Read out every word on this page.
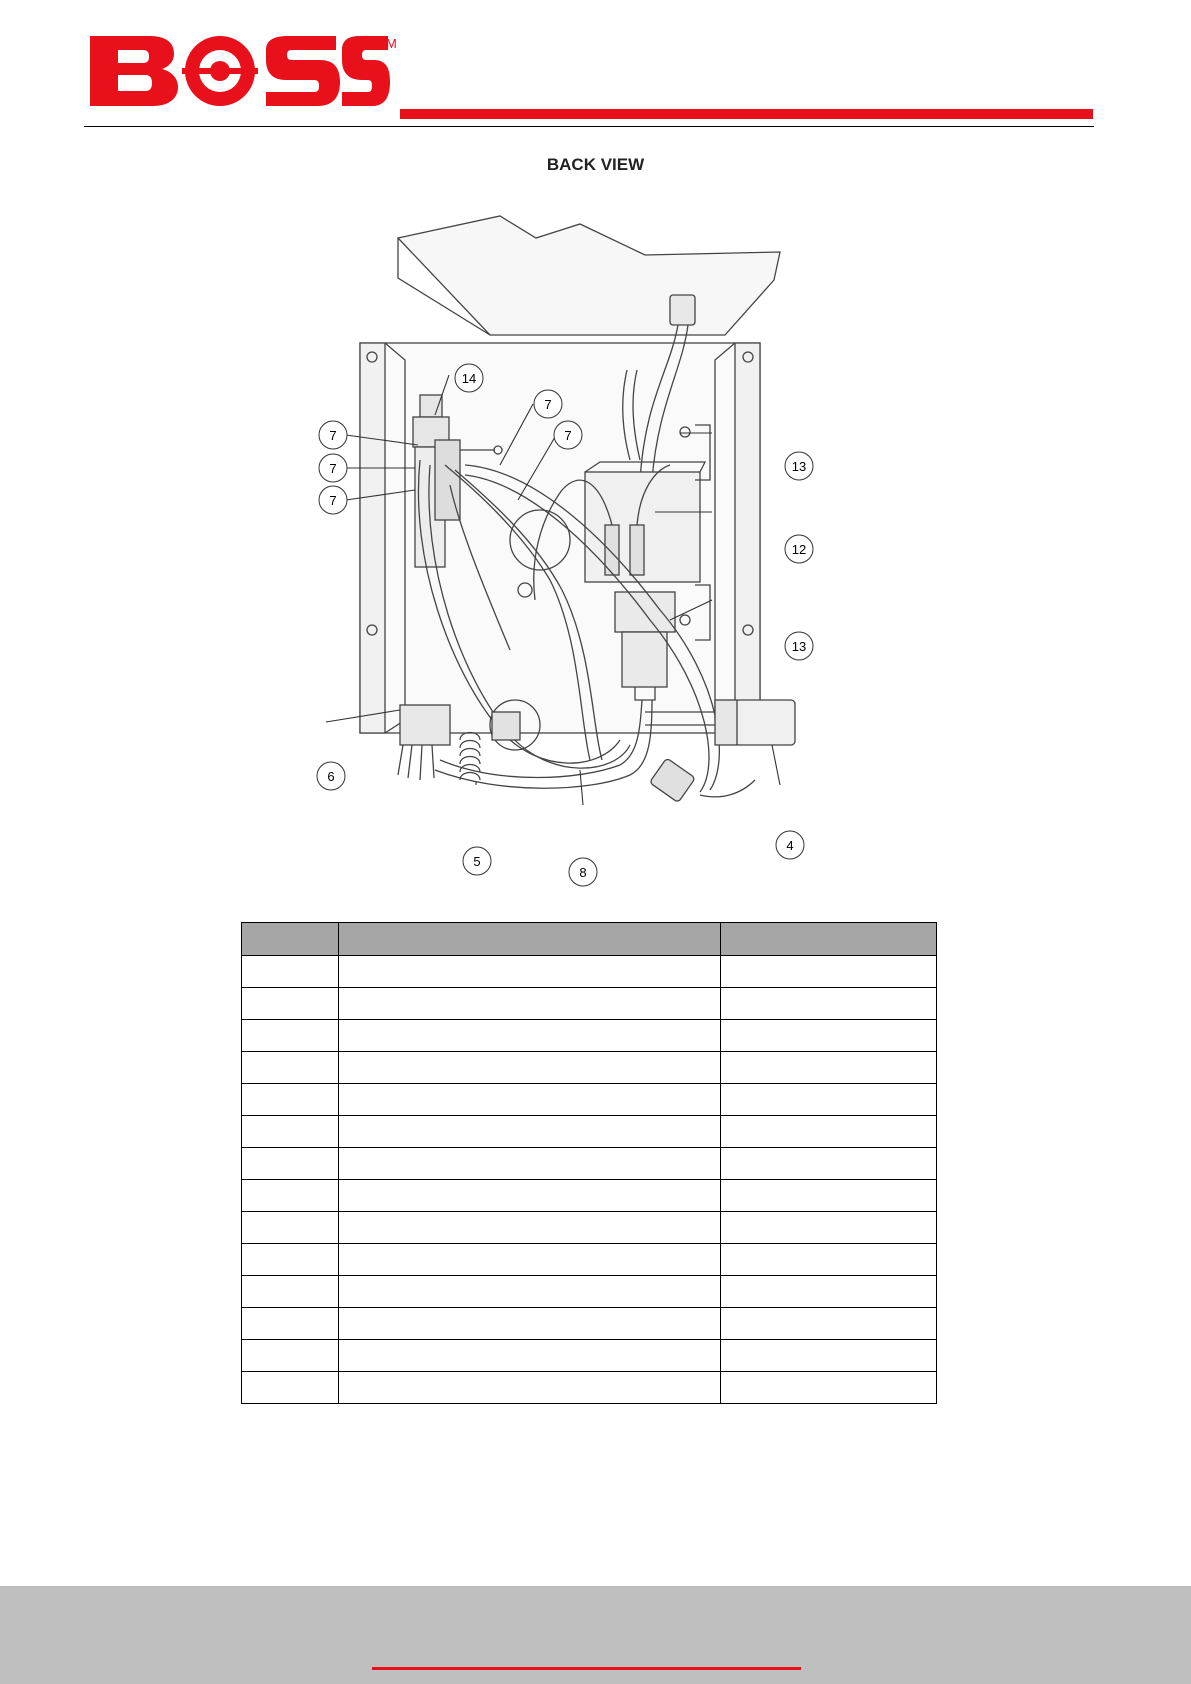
TM
BACK VIEW
14
7
7
7
7
7
13
12
13
6
5
8
4
